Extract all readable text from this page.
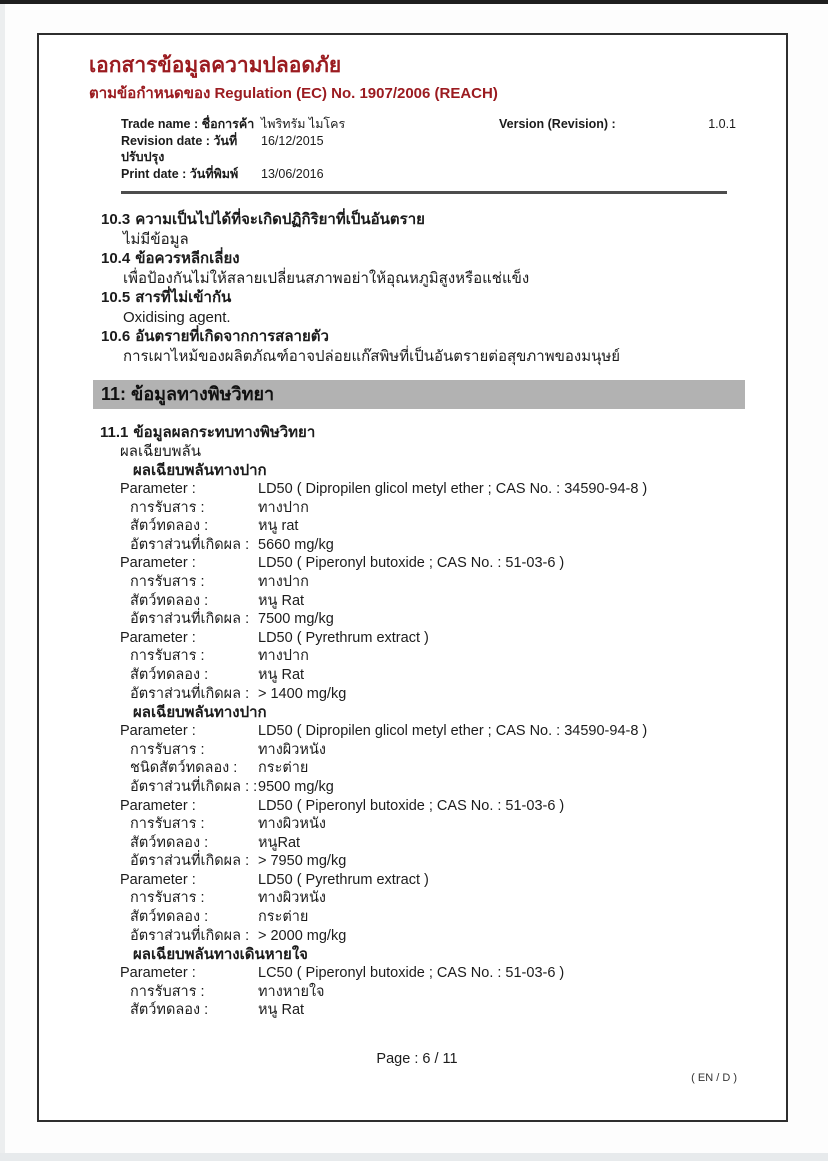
เอกสารข้อมูลความปลอดภัย
ตามข้อกำหนดของ Regulation (EC) No. 1907/2006 (REACH)
Trade name : ชื่อการค้า ไพริทรัม ไมโคร
Revision date : วันที่ปรับปรุง
16/12/2015
Print date : วันที่พิมพ์	13/06/2016
Version (Revision) :	1.0.1
10.3 ความเป็นไปได้ที่จะเกิดปฏิกิริยาที่เป็นอันตราย
ไม่มีข้อมูล
10.4 ข้อควรหลีกเลี่ยง
เพื่อป้องกันไม่ให้สลายเปลี่ยนสภาพอย่าให้อุณหภูมิสูงหรือแช่แข็ง
10.5 สารที่ไม่เข้ากัน
Oxidising agent.
10.6 อันตรายที่เกิดจากการสลายตัว
การเผาไหม้ของผลิตภัณฑ์อาจปล่อยแก๊สพิษที่เป็นอันตรายต่อสุขภาพของมนุษย์
11: ข้อมูลทางพิษวิทยา
11.1 ข้อมูลผลกระทบทางพิษวิทยา
ผลเฉียบพลัน
ผลเฉียบพลันทางปาก
Parameter :	LD50 ( Dipropilen glicol metyl ether ; CAS No. : 34590-94-8 )
การรับสาร :	ทางปาก
สัตว์ทดลอง :	หนู rat
อัตราส่วนที่เกิดผล : 5660 mg/kg
Parameter :	LD50 ( Piperonyl butoxide ; CAS No. : 51-03-6 )
การรับสาร :	ทางปาก
สัตว์ทดลอง :	หนู Rat
อัตราส่วนที่เกิดผล : 7500 mg/kg
Parameter :	LD50 ( Pyrethrum extract )
การรับสาร :	ทางปาก
สัตว์ทดลอง :	หนู Rat
อัตราส่วนที่เกิดผล : > 1400 mg/kg
ผลเฉียบพลันทางปาก
Parameter :	LD50 ( Dipropilen glicol metyl ether ; CAS No. : 34590-94-8 )
การรับสาร :	ทางผิวหนัง
ชนิดสัตว์ทดลอง :	กระต่าย
อัตราส่วนที่เกิดผล : : 9500 mg/kg
Parameter :	LD50 ( Piperonyl butoxide ; CAS No. : 51-03-6 )
การรับสาร :	ทางผิวหนัง
สัตว์ทดลอง :	หนูRat
อัตราส่วนที่เกิดผล : > 7950 mg/kg
Parameter :	LD50 ( Pyrethrum extract )
การรับสาร :	ทางผิวหนัง
สัตว์ทดลอง :	กระต่าย
อัตราส่วนที่เกิดผล : > 2000 mg/kg
ผลเฉียบพลันทางเดินหายใจ
Parameter :	LC50 ( Piperonyl butoxide ; CAS No. : 51-03-6 )
การรับสาร :	ทางหายใจ
สัตว์ทดลอง :	หนู Rat
Page : 6 / 11
( EN / D )
